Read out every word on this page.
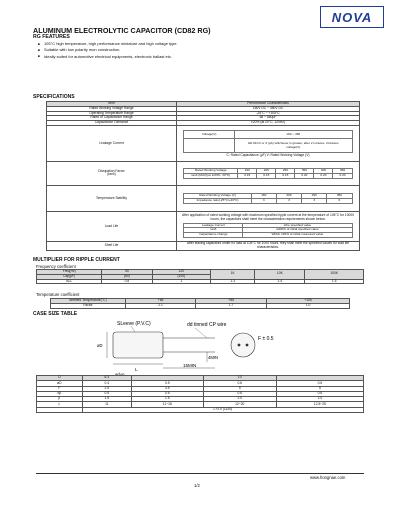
NOVA
ALUMINUM ELECTROLYTIC CAPACITOR (CD82 RG)
RG FEATURES
■ 105°C high temperature, high performance miniature and high voltage type.
■ Suitable with low polarity mon construction.
■ Ideally suited for automotive electrical equipments, electronic ballast etc.
SPECIFICATIONS
Item	Performance Characteristics
Rated Working Voltage Range	160V DC ~ 450V DC
Operating Temperature Range	-25°C ~ +105°C
Rated of Capacitance Range	68 ~ 680μF
Capacitance Tolerance	±20% (at 20°C, 120Hz)
Leakage Current	
Voltage(V)	160 ~ 450

I≤0.01CV or 3 (μA) whichever is greater, after 2 minutes, 2minutes
voltage(V)
C: Rated Capacitance (μF) V: Rated Working Voltage (V)

Dissipation Factor
(tanδ)

Rated Working Voltage	160	200	250	350	400	450
tanδ (MAX)(at 120Hz, 20°C)	0.15	0.15	0.15	0.20	0.20	0.20

Temperature Stability	
Rated Working Voltage (V)	160	200	250	350
Impedance ratio(-25°C/+20°C)	3	3	3	6

Load Life	
After application of rated working voltage with maximum specified ripple current at the temperature of 105°C for 10000 hours, the capacitors shall meet the characteristics requirements shown below.
Leakage Current	≤the specified value
tanδ	≤200% of initial specified value
Capacitance change	Within ±20% of initial measured value

Shelf Life	After leaving capacitors under no load at 105°C for 1000 hours, they shall meet the specified values for load life characteristics.
MULTIPLIER FOR RIPPLE CURRENT
Frequency coefficient
Freq(Hz)	50	120	1K	10K	100K
Cap(μF)	(60)	(100)			
ALL	0.8	1	1.3	1.4	1.5
Temperature coefficient
Ambient Temperature(°C)	+65	+85	+105
Factor	2.1	1.7	1.0
CASE SIZE TABLE
SLeeve (P.V.C)	dd tinned CP wire
F ± 0.5
4MIN
15MIN
L
øD
ød±p
D	6.3		10	
øD	0.4	0.5	0.6	0.6
F	2.5	3.5	5	5
dβ	0.5	0.5	0.6	0.6
β	1.5	1.5	2.0	2.0
L	11	11~16	12~20	12.5~25
	L+2.0 (L≥20)			
www.hongnae.com
1/2
